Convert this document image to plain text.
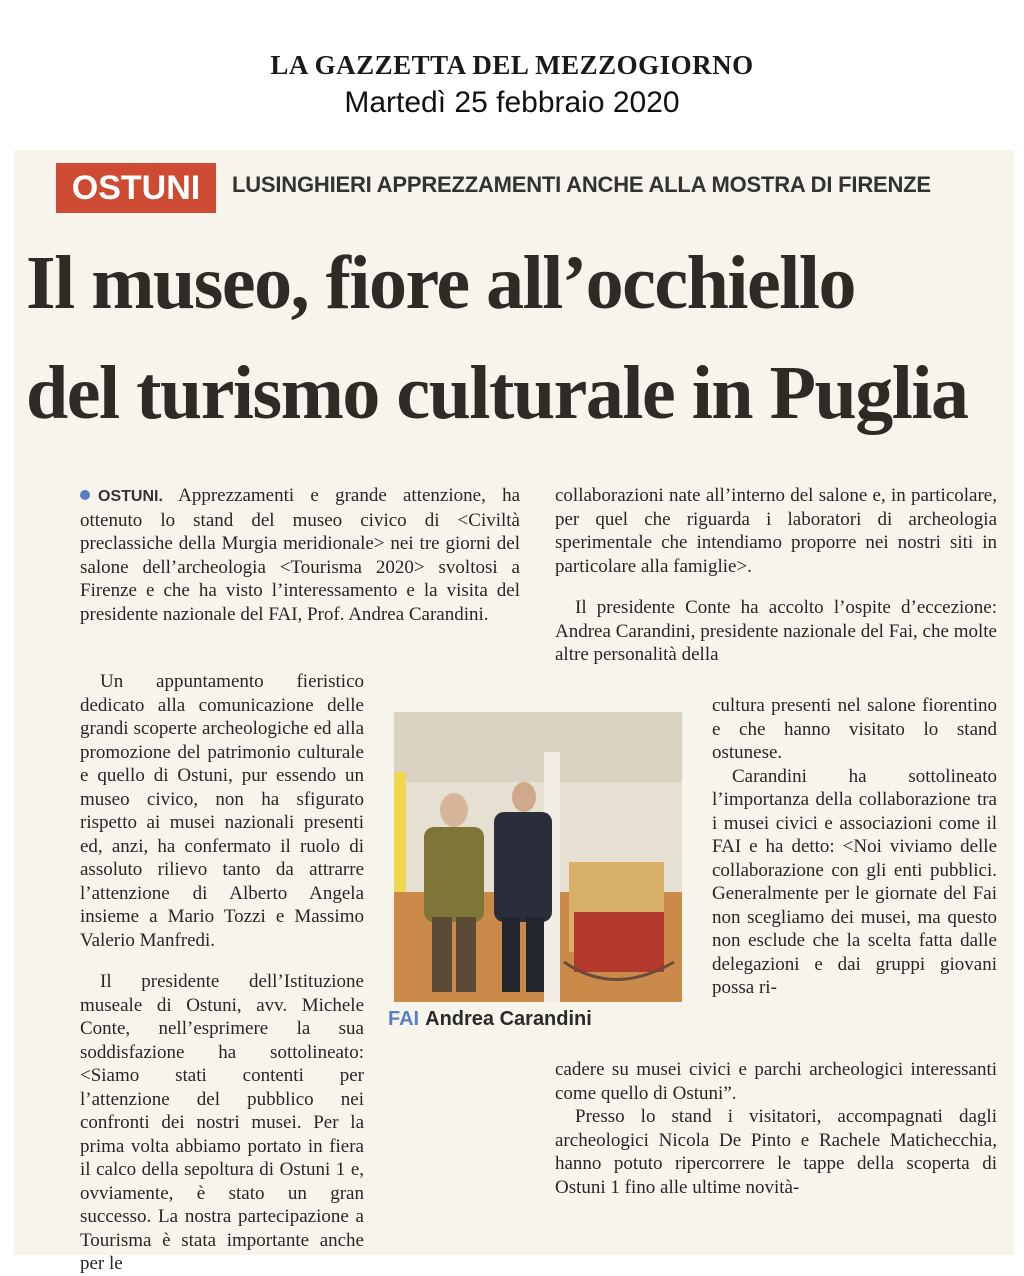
LA GAZZETTA DEL MEZZOGIORNO
Martedì 25 febbraio 2020
OSTUNI	LUSINGHIERI APPREZZAMENTI ANCHE ALLA MOSTRA DI FIRENZE
Il museo, fiore all’occhiello
del turismo culturale in Puglia

OSTUNI. Apprezzamenti e grande attenzione, ha ottenuto lo stand del museo civico di <Civiltà preclassiche della Murgia meridionale> nei tre giorni del salone dell’archeologia <Tourisma 2020> svoltosi a Firenze e che ha visto l’interessamento e la visita del presidente nazionale del FAI, Prof. Andrea Carandini.

Un appuntamento fieristico dedicato alla comunicazione delle grandi scoperte archeologiche ed alla promozione del patrimonio culturale e quello di Ostuni, pur essendo un museo civico, non ha sfigurato rispetto ai musei nazionali presenti ed, anzi, ha confermato il ruolo di assoluto rilievo tanto da attrarre l’attenzione di Alberto Angela insieme a Mario Tozzi e Massimo Valerio Manfredi.

Il presidente dell’Istituzione museale di Ostuni, avv. Michele Conte, nell’esprimere la sua soddisfazione ha sottolineato: <Siamo stati contenti per l’attenzione del pubblico nei confronti dei nostri musei. Per la prima volta abbiamo portato in fiera il calco della sepoltura di Ostuni 1 e, ovviamente, è stato un gran successo. La nostra partecipazione a Tourisma è stata importante anche per le

FAI Andrea Carandini

collaborazioni nate all’interno del salone e, in particolare, per quel che riguarda i laboratori di archeologia sperimentale che intendiamo proporre nei nostri siti in particolare alla famiglie>.

Il presidente Conte ha accolto l’ospite d’eccezione: Andrea Carandini, presidente nazionale del Fai, che molte altre personalità della

cultura presenti nel salone fiorentino e che hanno visitato lo stand ostunese.

Carandini ha sottolineato l’importanza della collaborazione tra i musei civici e associazioni come il FAI e ha detto: <Noi viviamo delle collaborazione con gli enti pubblici. Generalmente per le giornate del Fai non scegliamo dei musei, ma questo non esclude che la scelta fatta dalle delegazioni e dai gruppi giovani possa ri-

cadere su musei civici e parchi archeologici interessanti come quello di Ostuni”.

Presso lo stand i visitatori, accompagnati dagli archeologici Nicola De Pinto e Rachele Matichecchia, hanno potuto ripercorrere le tappe della scoperta di Ostuni 1 fino alle ultime novità-
